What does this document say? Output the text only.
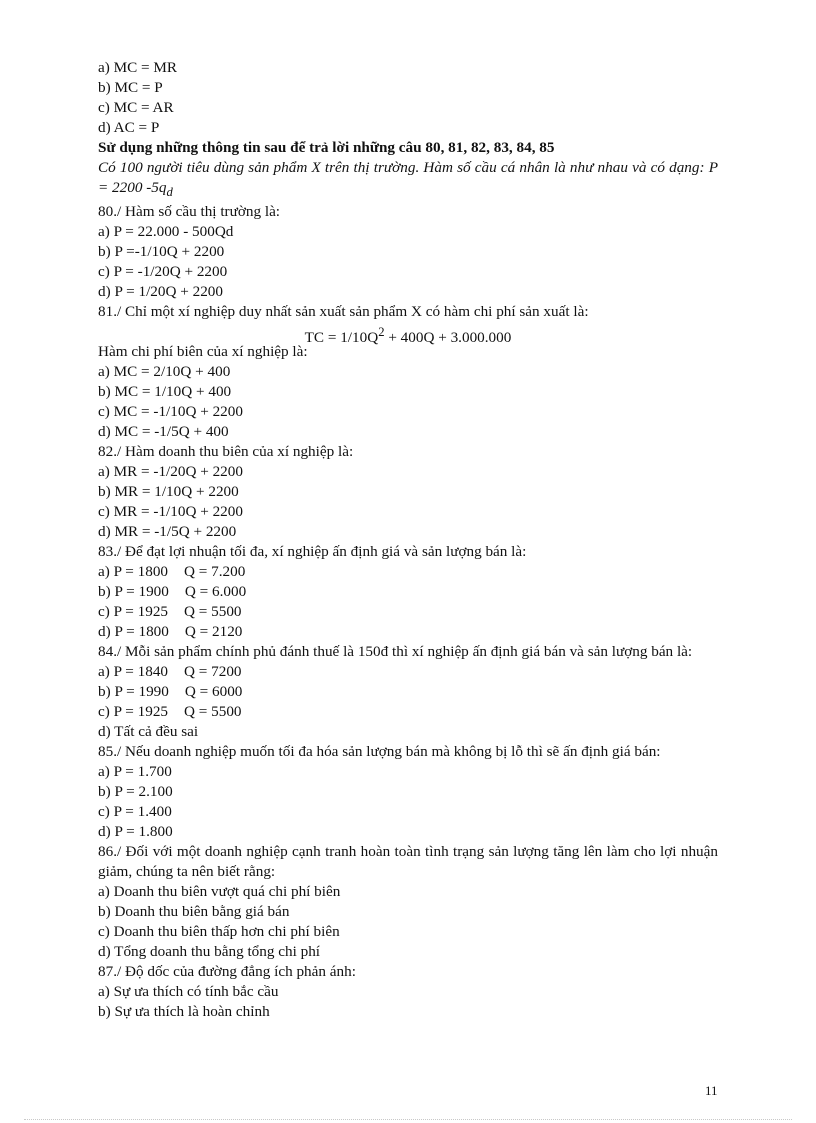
a) MC = MR
b) MC = P
c) MC = AR
d) AC = P
Sử dụng những thông tin sau để trả lời những câu 80, 81, 82, 83, 84, 85
Có 100 người tiêu dùng sản phẩm X trên thị trường. Hàm số cầu cá nhân là như nhau và có dạng: P = 2200 $-5q_d$
80./ Hàm số cầu thị trường là:
a) P = 22.000 - 500Qd
b) P =-1/10Q + 2200
c) P = -1/20Q + 2200
d) P = 1/20Q + 2200
81./ Chỉ một xí nghiệp duy nhất sản xuất sản phẩm X có hàm chi phí sản xuất là:
TC = $1/10Q^2 + 400Q + 3.000.000$
Hàm chi phí biên của xí nghiệp là:
a) MC = 2/10Q + 400
b) MC = 1/10Q + 400
c) MC = -1/10Q + 2200
d) MC = -1/5Q + 400
82./ Hàm doanh thu biên của xí nghiệp là:
a) MR = -1/20Q + 2200
b) MR = 1/10Q + 2200
c) MR = -1/10Q + 2200
d) MR = -1/5Q + 2200
83./ Để đạt lợi nhuận tối đa, xí nghiệp ấn định giá và sản lượng bán là:
a) P = 1800 Q = 7.200
b) P = 1900 Q = 6.000
c) P = 1925 Q = 5500
d) P = 1800 Q = 2120
84./ Mỗi sản phẩm chính phủ đánh thuế là 150đ thì xí nghiệp ấn định giá bán và sản lượng bán là:
a) P = 1840 Q = 7200
b) P = 1990 Q = 6000
c) P = 1925 Q = 5500
d) Tất cả đều sai
85./ Nếu doanh nghiệp muốn tối đa hóa sản lượng bán mà không bị lỗ thì sẽ ấn định giá bán:
a) P = 1.700
b) P = 2.100
c) P = 1.400
d) P = 1.800
86./ Đối với một doanh nghiệp cạnh tranh hoàn toàn tình trạng sản lượng tăng lên làm cho lợi nhuận giảm, chúng ta nên biết rằng:
a) Doanh thu biên vượt quá chi phí biên
b) Doanh thu biên bằng giá bán
c) Doanh thu biên thấp hơn chi phí biên
d) Tổng doanh thu bằng tổng chi phí
87./ Độ dốc của đường đẳng ích phản ánh:
a) Sự ưa thích có tính bắc cầu
b) Sự ưa thích là hoàn chỉnh
11
